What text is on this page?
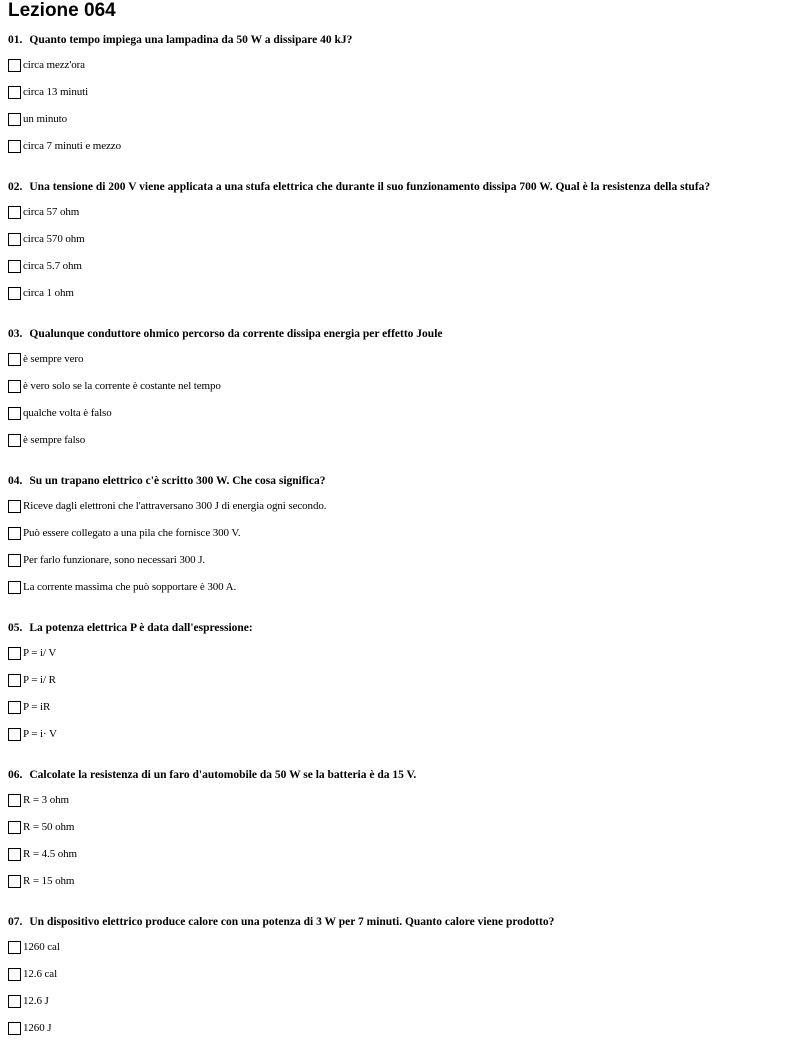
Lezione 064
01. Quanto tempo impiega una lampadina da 50 W a dissipare 40 kJ?
circa mezz'ora
circa 13 minuti
un minuto
circa 7 minuti e mezzo
02. Una tensione di 200 V viene applicata a una stufa elettrica che durante il suo funzionamento dissipa 700 W. Qual è la resistenza della stufa?
circa 57 ohm
circa 570 ohm
circa 5.7 ohm
circa 1 ohm
03. Qualunque conduttore ohmico percorso da corrente dissipa energia per effetto Joule
è sempre vero
è vero solo se la corrente è costante nel tempo
qualche volta è falso
è sempre falso
04. Su un trapano elettrico c'è scritto 300 W. Che cosa significa?
Riceve dagli elettroni che l'attraversano 300 J di energia ogni secondo.
Può essere collegato a una pila che fornisce 300 V.
Per farlo funzionare, sono necessari 300 J.
La corrente massima che può sopportare è 300 A.
05. La potenza elettrica P è data dall'espressione:
P = i/ V
P = i/ R
P = iR
P = i· V
06. Calcolate la resistenza di un faro d'automobile da 50 W se la batteria è da 15 V.
R = 3 ohm
R = 50 ohm
R = 4.5 ohm
R = 15 ohm
07. Un dispositivo elettrico produce calore con una potenza di 3 W per 7 minuti. Quanto calore viene prodotto?
1260 cal
12.6 cal
12.6 J
1260 J
